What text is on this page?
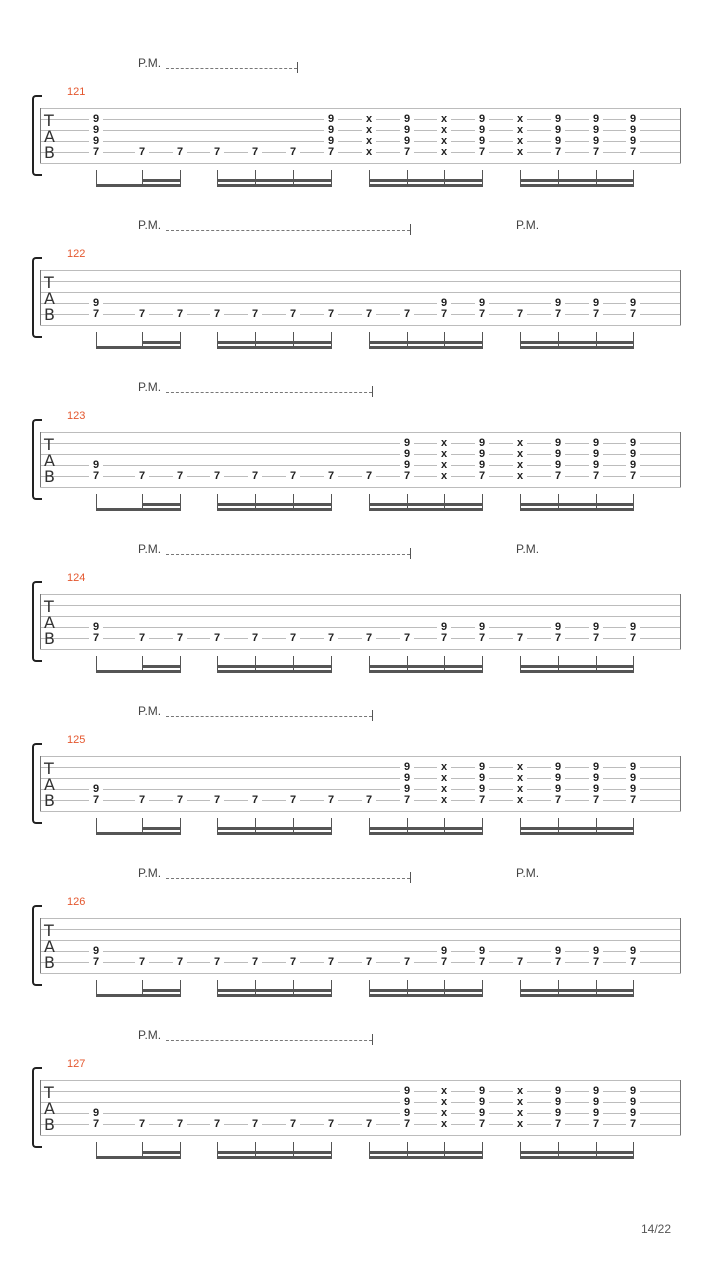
P.M.
121
T
A
B
9
9
9
7	7	7	7	7	7
9
9
9
7
x
x
x
x
9
9
9
7
x
x
x
x
9
9
9
7
x
x
x
x
9
9
9
7
9
9
9
7
9
9
9
7
P.M.	P.M.
122
T
A
B
9
7	7	7	7	7	7	7	7	7
9
7
9
7	7
9
7
9
7
9
7
P.M.
123
T
A
B
9
7	7	7	7	7	7	7	7
9
9
9
7
x
x
x
x
9
9
9
7
x
x
x
x
9
9
9
7
9
9
9
7
9
9
9
7
P.M.	P.M.
124
T
A
B
9
7	7	7	7	7	7	7	7	7
9
7
9
7	7
9
7
9
7
9
7
P.M.
125
T
A
B
9
7	7	7	7	7	7	7	7
9
9
9
7
x
x
x
x
9
9
9
7
x
x
x
x
9
9
9
7
9
9
9
7
9
9
9
7
P.M.	P.M.
126
T
A
B
9
7	7	7	7	7	7	7	7	7
9
7
9
7	7
9
7
9
7
9
7
P.M.
127
T
A
B
9
7	7	7	7	7	7	7	7
9
9
9
7
x
x
x
x
9
9
9
7
x
x
x
x
9
9
9
7
9
9
9
7
9
9
9
7
14/22
